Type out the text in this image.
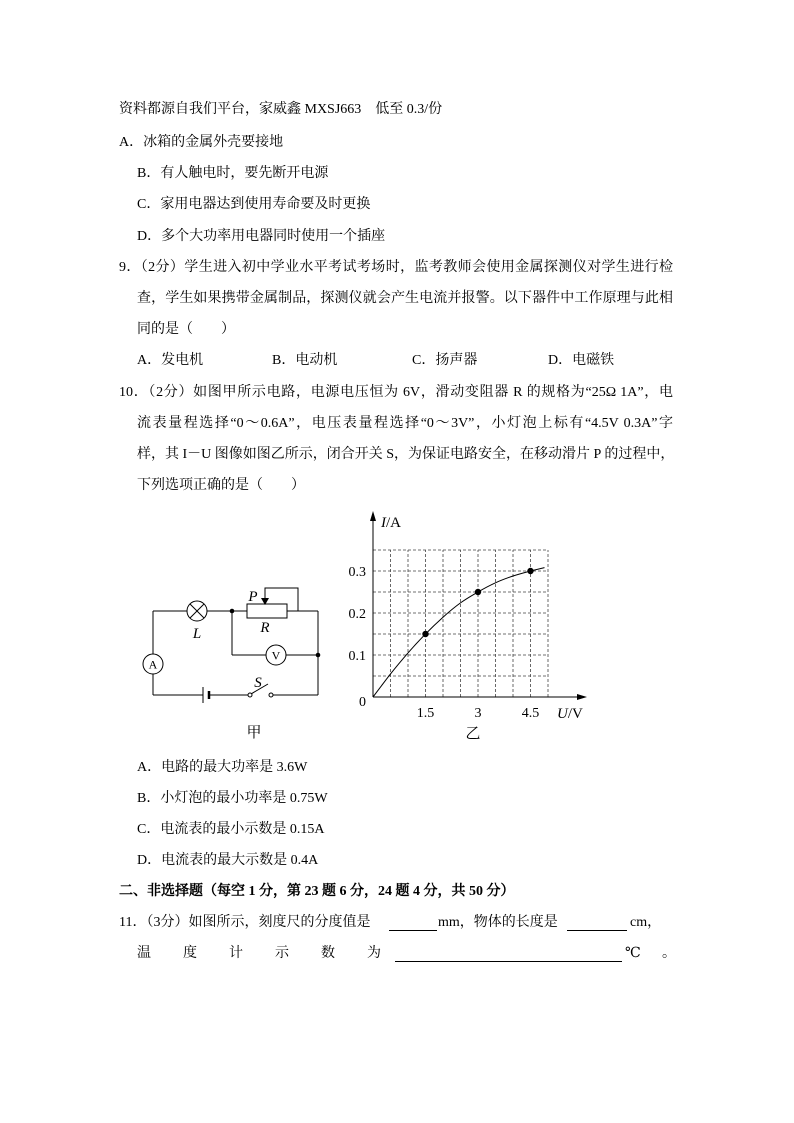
资料都源自我们平台，家威鑫 MXSJ663　低至 0.3/份
A．冰箱的金属外壳要接地
B．有人触电时，要先断开电源
C．家用电器达到使用寿命要及时更换
D．多个大功率用电器同时使用一个插座
9．（2分）学生进入初中学业水平考试考场时，监考教师会使用金属探测仪对学生进行检
查，学生如果携带金属制品，探测仪就会产生电流并报警。以下器件中工作原理与此相
同的是（　　）
A．发电机	B．电动机	C．扬声器	D．电磁铁
10．（2分）如图甲所示电路，电源电压恒为 6V，滑动变阻器 R 的规格为“25Ω 1A”，电
流表量程选择“0～0.6A”，电压表量程选择“0～3V”，小灯泡上标有“4.5V 0.3A”字
样，其 I－U 图像如图乙所示，闭合开关 S，为保证电路安全，在移动滑片 P 的过程中，
下列选项正确的是（　　）
A
L	R
P
V
S
甲
1.5	3	4.5
0.1
0.2
0.3
0
I/A
U/V
乙
A．电路的最大功率是 3.6W
B．小灯泡的最小功率是 0.75W
C．电流表的最小示数是 0.15A
D．电流表的最大示数是 0.4A
二、非选择题（每空 1 分，第 23 题 6 分，24 题 4 分，共 50 分）
11．（3分）如图所示，刻度尺的分度值是	mm，物体的长度是	cm，
温度计示数为	℃ 。
